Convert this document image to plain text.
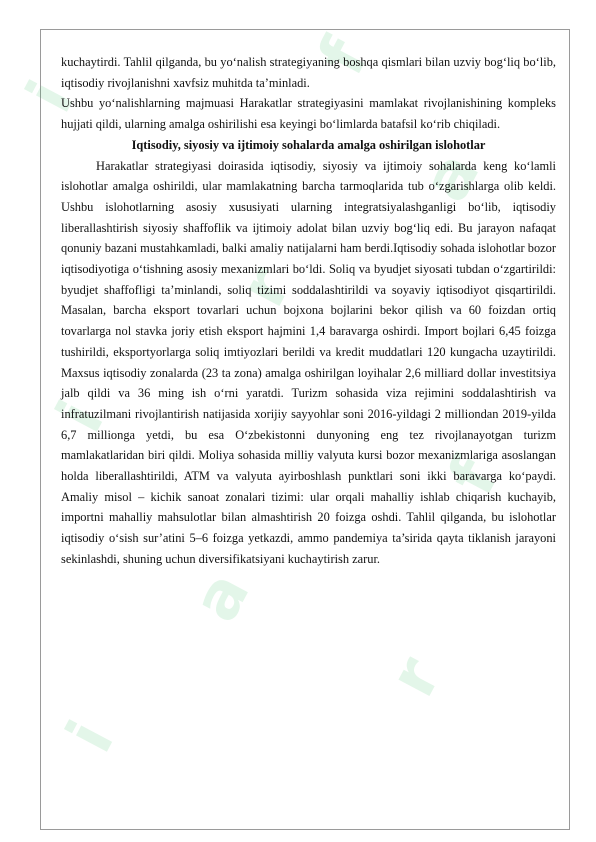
i
f
a
r
i
f
a
r
i

kuchaytirdi. Tahlil qilganda, bu yo‘nalish strategiyaning boshqa qismlari bilan uzviy bog‘liq bo‘lib, iqtisodiy rivojlanishni xavfsiz muhitda ta’minladi.

Ushbu yo‘nalishlarning majmuasi Harakatlar strategiyasini mamlakat rivojlanishining kompleks hujjati qildi, ularning amalga oshirilishi esa keyingi bo‘limlarda batafsil ko‘rib chiqiladi.

Iqtisodiy, siyosiy va ijtimoiy sohalarda amalga oshirilgan islohotlar

Harakatlar strategiyasi doirasida iqtisodiy, siyosiy va ijtimoiy sohalarda keng ko‘lamli islohotlar amalga oshirildi, ular mamlakatning barcha tarmoqlarida tub o‘zgarishlarga olib keldi. Ushbu islohotlarning asosiy xususiyati ularning integratsiyalashganligi bo‘lib, iqtisodiy liberallashtirish siyosiy shaffoflik va ijtimoiy adolat bilan uzviy bog‘liq edi. Bu jarayon nafaqat qonuniy bazani mustahkamladi, balki amaliy natijalarni ham berdi.Iqtisodiy sohada islohotlar bozor iqtisodiyotiga o‘tishning asosiy mexanizmlari bo‘ldi. Soliq va byudjet siyosati tubdan o‘zgartirildi: byudjet shaffofligi ta’minlandi, soliq tizimi soddalashtirildi va soyaviy iqtisodiyot qisqartirildi. Masalan, barcha eksport tovarlari uchun bojxona bojlarini bekor qilish va 60 foizdan ortiq tovarlarga nol stavka joriy etish eksport hajmini 1,4 baravarga oshirdi. Import bojlari 6,45 foizga tushirildi, eksportyorlarga soliq imtiyozlari berildi va kredit muddatlari 120 kungacha uzaytirildi. Maxsus iqtisodiy zonalarda (23 ta zona) amalga oshirilgan loyihalar 2,6 milliard dollar investitsiya jalb qildi va 36 ming ish o‘rni yaratdi. Turizm sohasida viza rejimini soddalashtirish va infratuzilmani rivojlantirish natijasida xorijiy sayyohlar soni 2016-yildagi 2 milliondan 2019-yilda 6,7 millionga yetdi, bu esa O‘zbekistonni dunyoning eng tez rivojlanayotgan turizm mamlakatlaridan biri qildi. Moliya sohasida milliy valyuta kursi bozor mexanizmlariga asoslangan holda liberallashtirildi, ATM va valyuta ayirboshlash punktlari soni ikki baravarga ko‘paydi. Amaliy misol – kichik sanoat zonalari tizimi: ular orqali mahalliy ishlab chiqarish kuchayib, importni mahalliy mahsulotlar bilan almashtirish 20 foizga oshdi. Tahlil qilganda, bu islohotlar iqtisodiy o‘sish sur’atini 5–6 foizga yetkazdi, ammo pandemiya ta’sirida qayta tiklanish jarayoni sekinlashdi, shuning uchun diversifikatsiyani kuchaytirish zarur.
